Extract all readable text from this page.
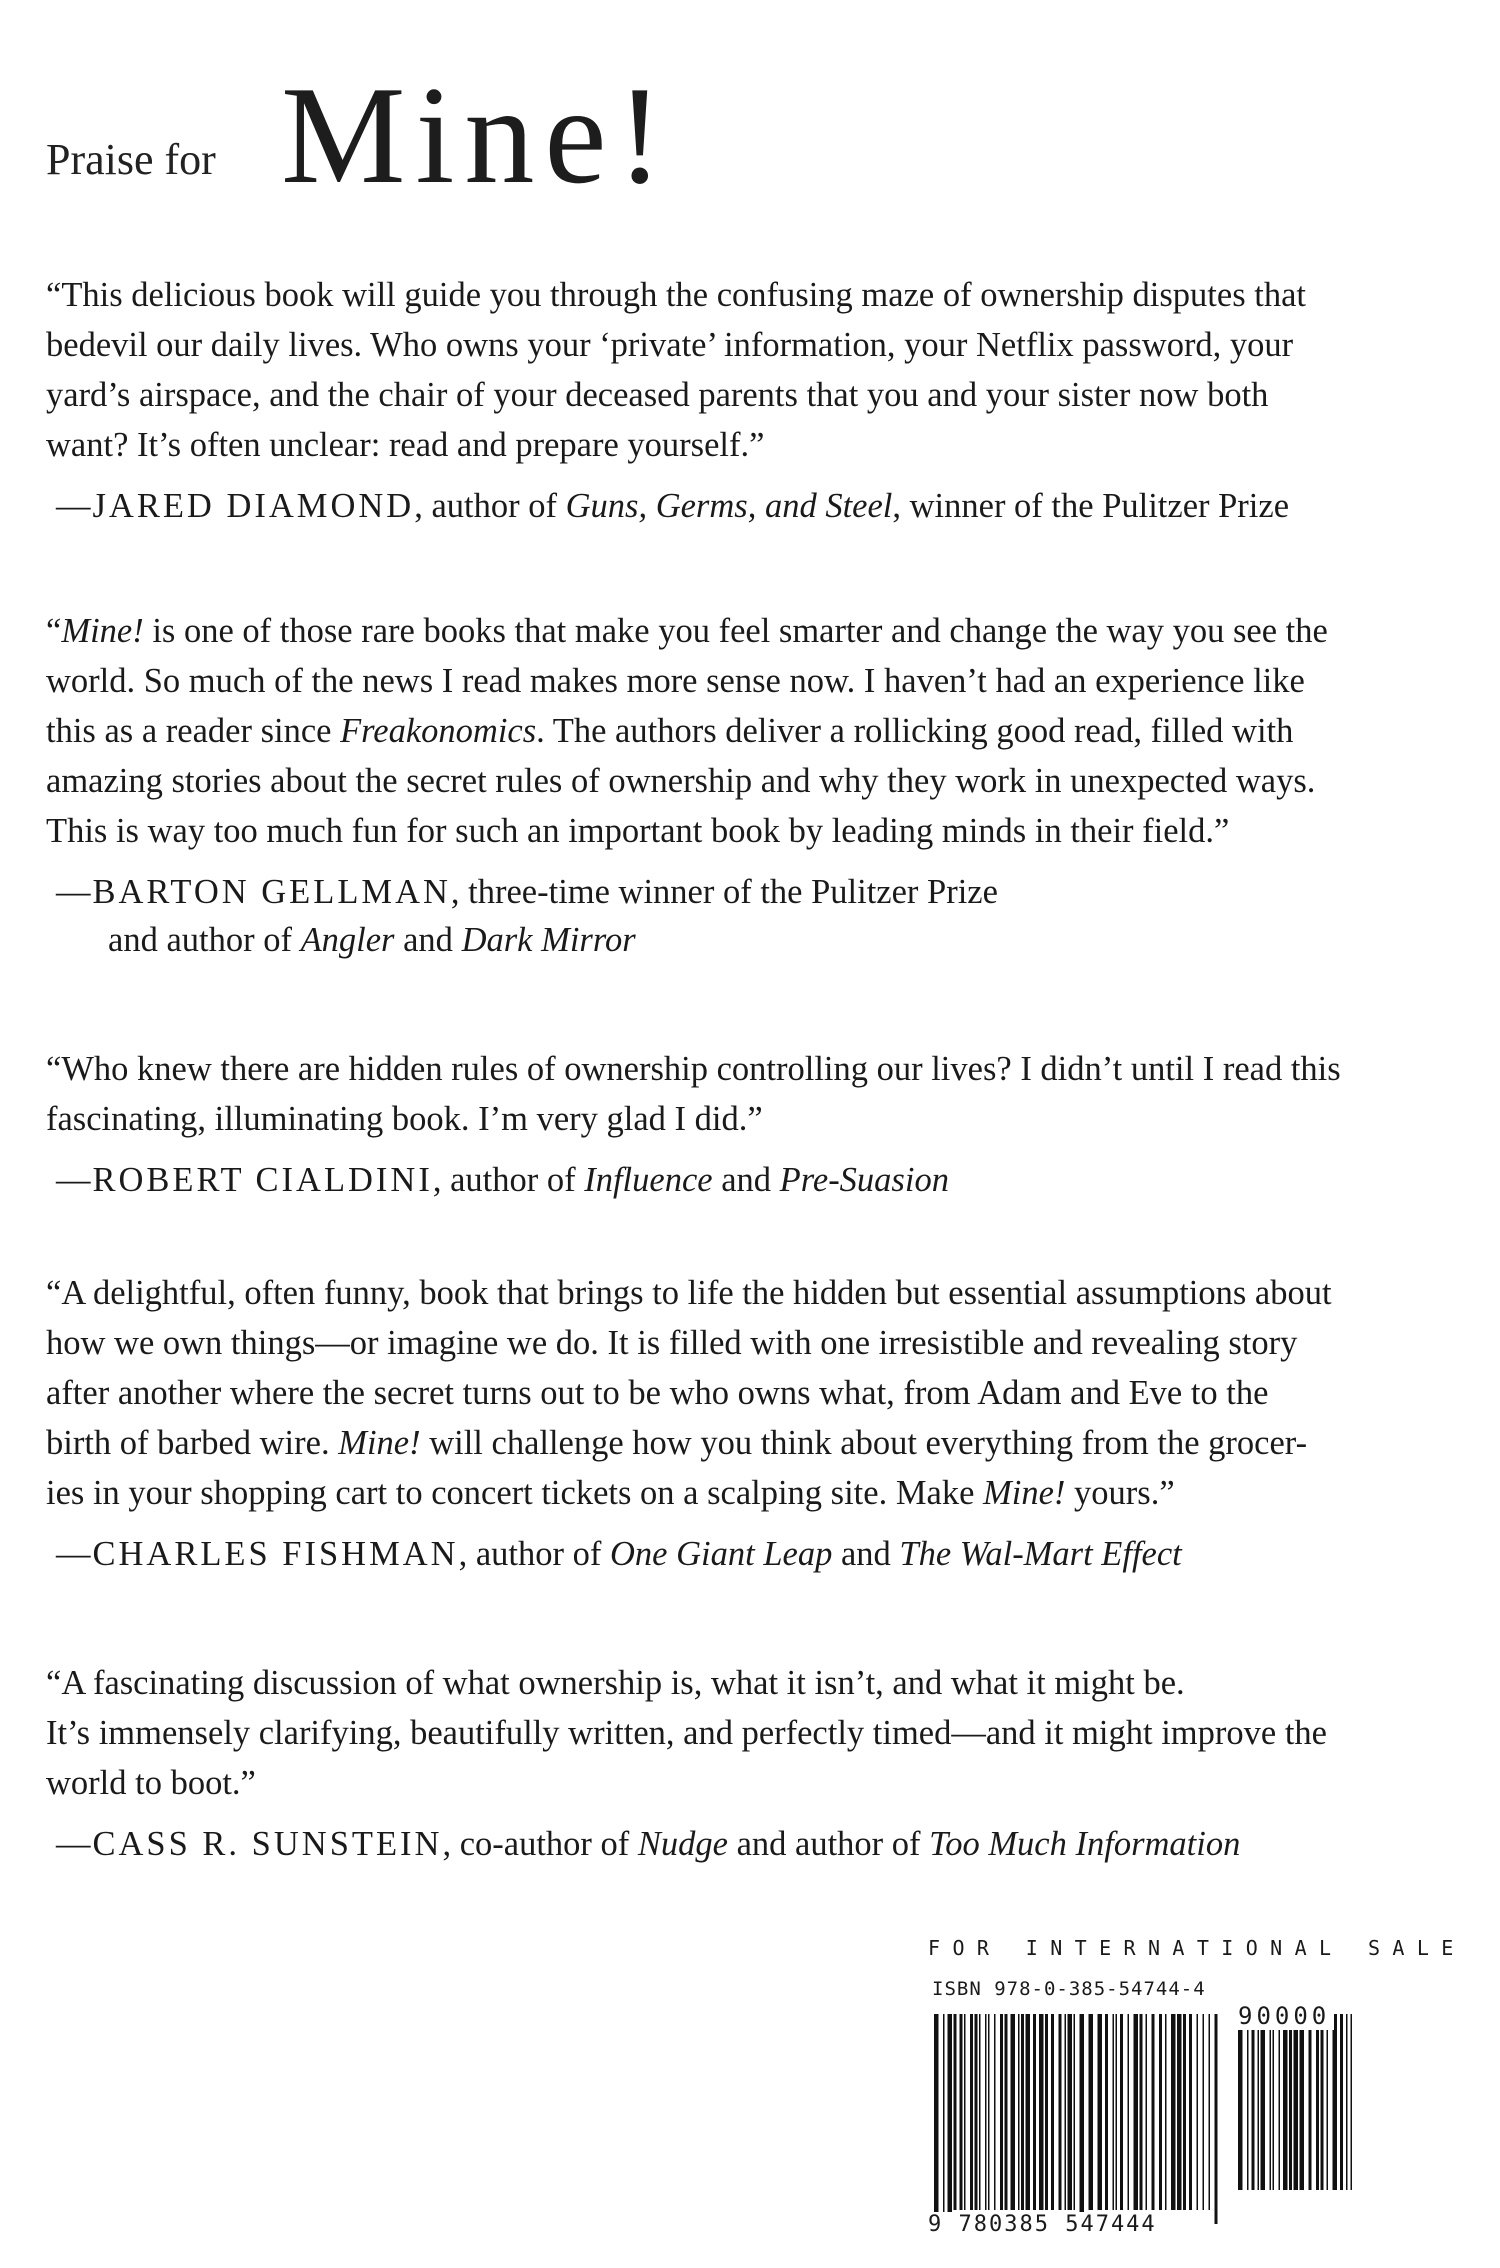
Praise for Mine!
“This delicious book will guide you through the confusing maze of ownership disputes that
bedevil our daily lives. Who owns your ‘private’ information, your Netflix password, your
yard’s airspace, and the chair of your deceased parents that you and your sister now both
want? It’s often unclear: read and prepare yourself.”
—JARED DIAMOND, author of Guns, Germs, and Steel, winner of the Pulitzer Prize
“Mine! is one of those rare books that make you feel smarter and change the way you see the
world. So much of the news I read makes more sense now. I haven’t had an experience like
this as a reader since Freakonomics. The authors deliver a rollicking good read, filled with
amazing stories about the secret rules of ownership and why they work in unexpected ways.
This is way too much fun for such an important book by leading minds in their field.”
—BARTON GELLMAN, three-time winner of the Pulitzer Prize
and author of Angler and Dark Mirror
“Who knew there are hidden rules of ownership controlling our lives? I didn’t until I read this
fascinating, illuminating book. I’m very glad I did.”
—ROBERT CIALDINI, author of Influence and Pre-Suasion
“A delightful, often funny, book that brings to life the hidden but essential assumptions about
how we own things—or imagine we do. It is filled with one irresistible and revealing story
after another where the secret turns out to be who owns what, from Adam and Eve to the
birth of barbed wire. Mine! will challenge how you think about everything from the grocer-
ies in your shopping cart to concert tickets on a scalping site. Make Mine! yours.”
—CHARLES FISHMAN, author of One Giant Leap and The Wal-Mart Effect
“A fascinating discussion of what ownership is, what it isn’t, and what it might be.
It’s immensely clarifying, beautifully written, and perfectly timed—and it might improve the
world to boot.”
—CASS R. SUNSTEIN, co-author of Nudge and author of Too Much Information
FOR INTERNATIONAL SALE
ISBN 978-0-385-54744-4
90000
9 780385 547444
